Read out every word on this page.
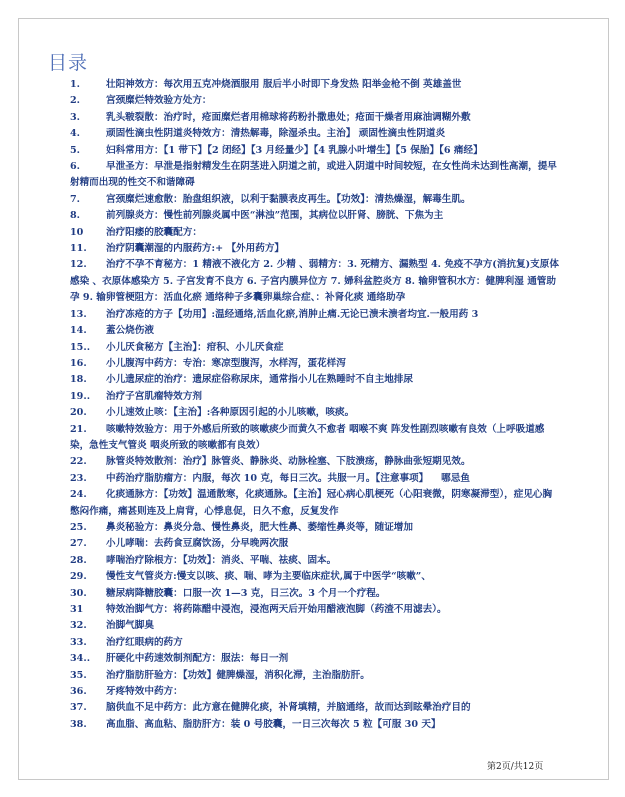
目录
1.	壮阳神效方：每次用五克冲烧酒服用 服后半小时即下身发热 阳举金枪不倒 英雄盖世
2.	宫颈糜烂特效验方处方：
3.	乳头皲裂散：治疗时，疮面糜烂者用棉球将药粉扑撒患处；疮面干燥者用麻油调糊外敷
4.	顽固性滴虫性阴道炎特效方：清热解毒，除湿杀虫。主治】 顽固性滴虫性阴道炎
5.	妇科常用方：【1 带下】【2 闭经】【3 月经量少】【4 乳腺小叶增生】【5 保胎】【6 痛经】
6.	早泄圣方：早泄是指射精发生在阴茎进入阴道之前，或进入阴道中时间较短，在女性尚未达到性高潮，提早射精而出现的性交不和谐障碍
7.	宫颈糜烂速愈散：胎盘组织液，以利于黏膜表皮再生。【功效】：清热燥湿，解毒生肌。
8.	前列腺炎方：慢性前列腺炎属中医“淋浊”范围，其病位以肝肾、膀胱、下焦为主
10 治疗阳痿的胶囊配方：
11. 治疗阴囊潮湿的内服药方:+ 【外用药方】
12. 治疗不孕不育秘方：1 精液不液化方 2. 少精 、弱精方：3. 死精方、漏熟型 4. 免疫不孕方(消抗复)支原体感染 、衣原体感染方 5. 子宫发育不良方 6. 子宫内膜异位方 7. 婦科盆腔炎方 8. 输卵管积水方：健脾利湿 通管助孕 9. 输卵管梗阻方：活血化瘀 通络种子多囊卵巢综合症、：补肾化痰 通络助孕
13. 治疗冻疮的方子【功用】:温经通络,活血化瘀,消肿止痛.无论已溃未溃者均宜.一般用药 3
14. 蓋公烧伤液
15.. 小儿厌食秘方【主治】：疳积、小儿厌食症
16. 小儿腹泻中药方：专治：寒凉型腹泻，水样泻，蛋花样泻
18. 小儿遗尿症的治疗：遗尿症俗称尿床，通常指小儿在熟睡时不自主地排尿
19.. 治疗子宫肌瘤特效方剂
20. 小儿速效止咳：【主治】:各种原因引起的小儿咳嗽，咳痰。
21. 咳嗽特效验方：用于外感后所致的咳嗽痰少而黄久不愈者 咽喉不爽 阵发性剧烈咳嗽有良效（上呼吸道感染，急性支气管炎 咽炎所致的咳嗽都有良效）
22. 脉管炎特效散剂：治疗】脉管炎、静脉炎、动脉栓塞、下肢溃疡，静脉曲张短期见效。
23. 中药治疗脂肪瘤方：内服，每次 10 克，每日三次。共服一月。【注意事项】 　哪忌鱼
24. 化痰通脉方：【功效】温通散寒，化痰通脉。【主治】冠心病心肌梗死（心阳衰微，阴寒凝滞型），症见心胸憋闷作痛，痛甚则连及上肩背，心悸息促，日久不愈，反复发作
25. 鼻炎秘验方：鼻炎分急、慢性鼻炎，肥大性鼻、萎缩性鼻炎等，随证增加
27. 小儿哮喘：去药食豆腐饮汤，分早晚两次服
28. 哮喘治疗除根方：【功效】：消炎、平喘、祛痰、固本。
29. 慢性支气管炎方:慢支以咳、痰、喘、哮为主要临床症状,属于中医学“咳嗽”、
30. 糖尿病降糖胶囊：口服一次 1—3 克，日三次。3 个月一个疗程。
31 特效治脚气方：将药陈醋中浸泡，浸泡两天后开始用醋液泡脚（药渣不用滤去）。
32. 治脚气脚臭
33. 治疗红眼病的药方
34.. 肝硬化中药速效制剂配方：服法：每日一剂
35. 治疗脂肪肝验方：【功效】健脾燥湿，消积化滞，主治脂肪肝。
36. 牙疼特效中药方：
37. 脑供血不足中药方：此方意在健脾化痰，补肾填精，并脑通络，故而达到眩晕治疗目的
38. 高血脂、高血粘、脂肪肝方：装 0 号胶囊，一日三次每次 5 粒【可服 30 天】
第2页/共12页
